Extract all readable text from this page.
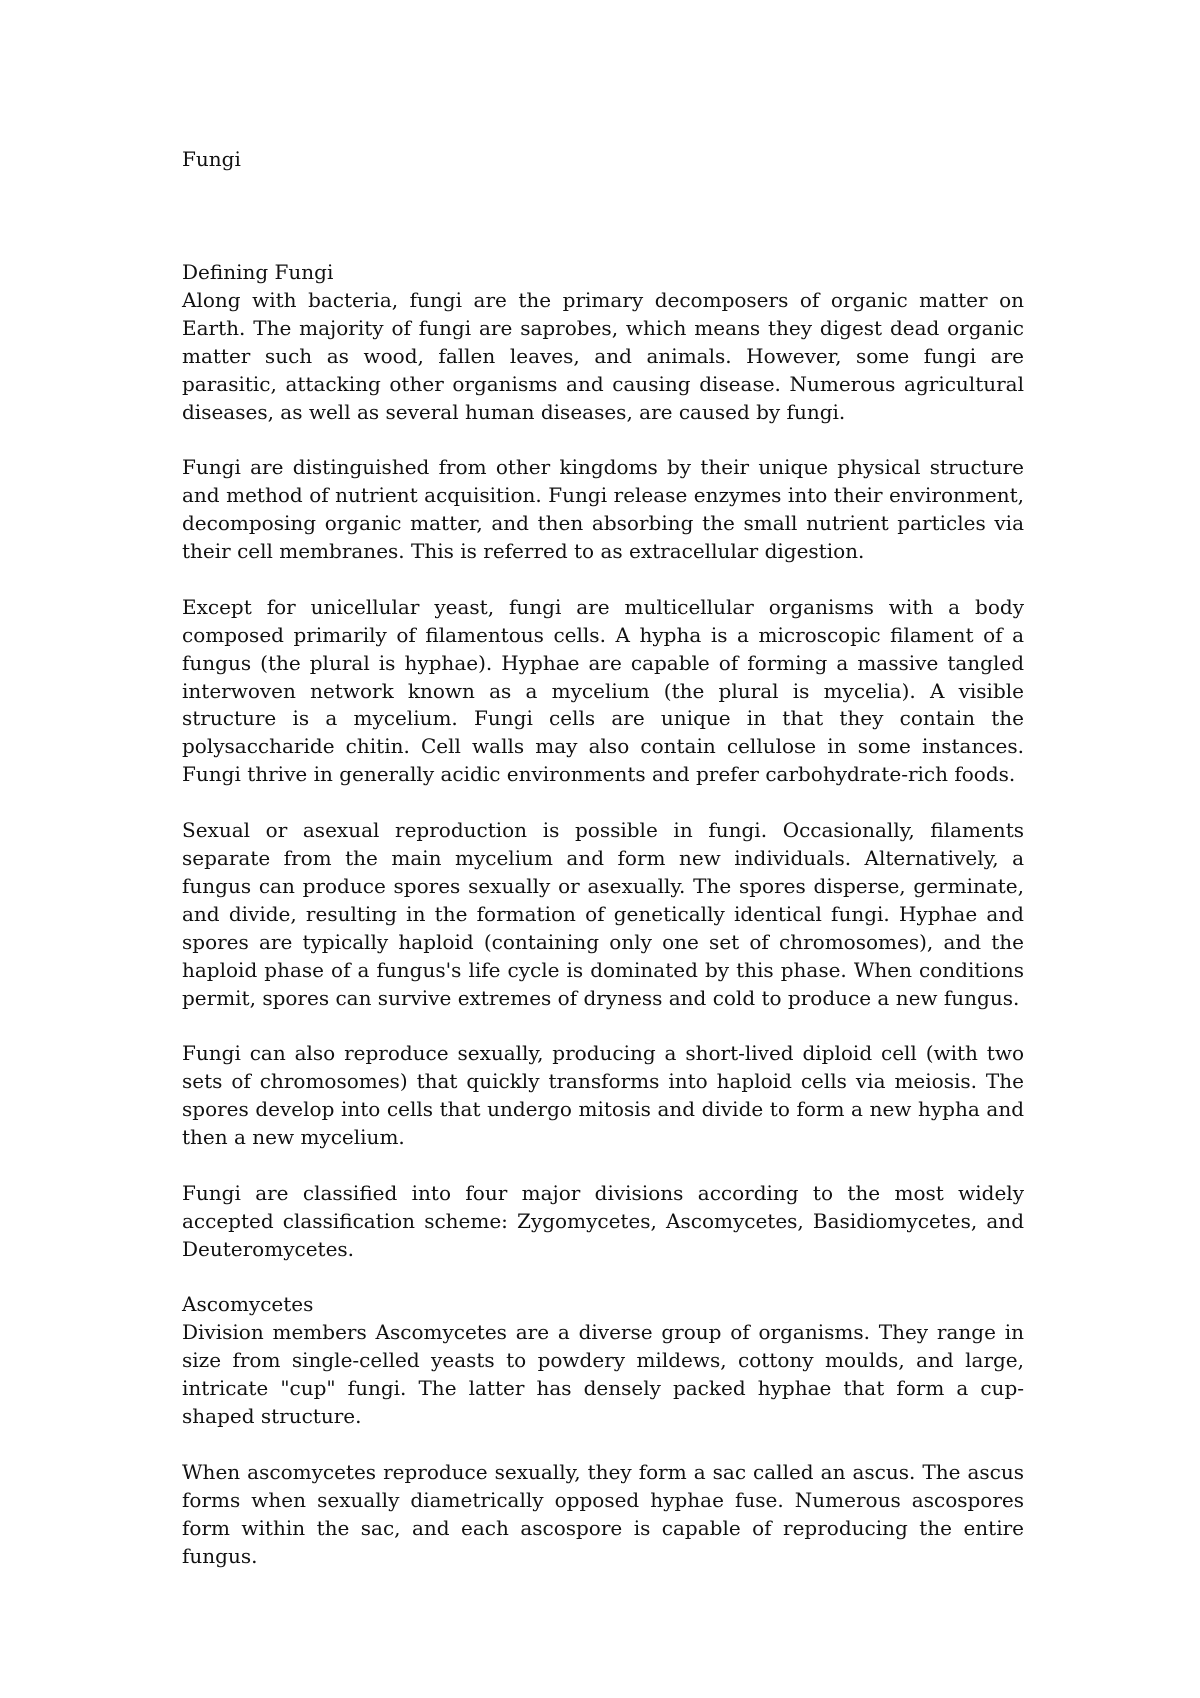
Fungi
Defining Fungi

Along with bacteria, fungi are the primary decomposers of organic matter on Earth. The majority of fungi are saprobes, which means they digest dead organic matter such as wood, fallen leaves, and animals. However, some fungi are parasitic, attacking other organisms and causing disease. Numerous agricultural diseases, as well as several human diseases, are caused by fungi.

Fungi are distinguished from other kingdoms by their unique physical structure and method of nutrient acquisition. Fungi release enzymes into their environment, decomposing organic matter, and then absorbing the small nutrient particles via their cell membranes. This is referred to as extracellular digestion.

Except for unicellular yeast, fungi are multicellular organisms with a body composed primarily of filamentous cells. A hypha is a microscopic filament of a fungus (the plural is hyphae). Hyphae are capable of forming a massive tangled interwoven network known as a mycelium (the plural is mycelia). A visible structure is a mycelium. Fungi cells are unique in that they contain the polysaccharide chitin. Cell walls may also contain cellulose in some instances. Fungi thrive in generally acidic environments and prefer carbohydrate-rich foods.

Sexual or asexual reproduction is possible in fungi. Occasionally, filaments separate from the main mycelium and form new individuals. Alternatively, a fungus can produce spores sexually or asexually. The spores disperse, germinate, and divide, resulting in the formation of genetically identical fungi. Hyphae and spores are typically haploid (containing only one set of chromosomes), and the haploid phase of a fungus's life cycle is dominated by this phase. When conditions permit, spores can survive extremes of dryness and cold to produce a new fungus.

Fungi can also reproduce sexually, producing a short-lived diploid cell (with two sets of chromosomes) that quickly transforms into haploid cells via meiosis. The spores develop into cells that undergo mitosis and divide to form a new hypha and then a new mycelium.

Fungi are classified into four major divisions according to the most widely accepted classification scheme: Zygomycetes, Ascomycetes, Basidiomycetes, and Deuteromycetes.

Ascomycetes

Division members Ascomycetes are a diverse group of organisms. They range in size from single-celled yeasts to powdery mildews, cottony moulds, and large, intricate "cup" fungi. The latter has densely packed hyphae that form a cup-shaped structure.

When ascomycetes reproduce sexually, they form a sac called an ascus. The ascus forms when sexually diametrically opposed hyphae fuse. Numerous ascospores form within the sac, and each ascospore is capable of reproducing the entire fungus.
